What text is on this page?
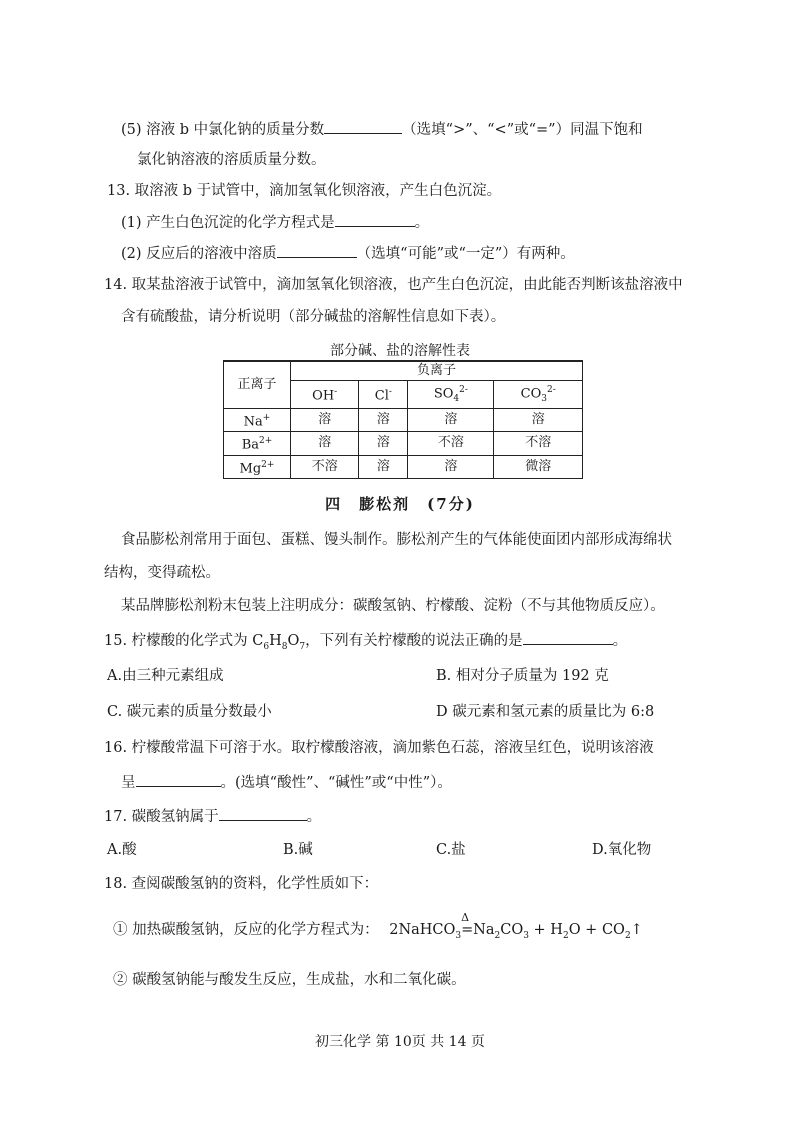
(5) 溶液 b 中氯化钠的质量分数	（选填“>”、“<”或“=”）同温下饱和
氯化钠溶液的溶质质量分数。
13. 取溶液 b 于试管中，滴加氢氧化钡溶液，产生白色沉淀。
(1) 产生白色沉淀的化学方程式是	。
(2) 反应后的溶液中溶质	（选填“可能”或“一定”）有两种。
14. 取某盐溶液于试管中，滴加氢氧化钡溶液，也产生白色沉淀，由此能否判断该盐溶液中
含有硫酸盐，请分析说明（部分碱盐的溶解性信息如下表）。
部分碱、盐的溶解性表
正离子	负离子			
	OH-	Cl-	$SO_4^{2-}$	$CO_3^{2-}$
Na+	溶	溶	溶	溶
$Ba^{2+}$	溶	溶	不溶	不溶
$Mg^{2+}$	不溶	溶	溶	微溶
四　膨松剂　(7分)
食品膨松剂常用于面包、蛋糕、馒头制作。膨松剂产生的气体能使面团内部形成海绵状
结构，变得疏松。
某品牌膨松剂粉末包装上注明成分：碳酸氢钠、柠檬酸、淀粉（不与其他物质反应）。
15. 柠檬酸的化学式为 $C_6H_8O_7$，下列有关柠檬酸的说法正确的是	。
A.由三种元素组成	B. 相对分子质量为 192 克
C. 碳元素的质量分数最小	D 碳元素和氢元素的质量比为 6:8
16. 柠檬酸常温下可溶于水。取柠檬酸溶液，滴加紫色石蕊，溶液呈红色，说明该溶液
呈	。(选填“酸性”、“碱性”或“中性”）。
17. 碳酸氢钠属于	。
A.酸	B.碱	C.盐	D.氧化物
18. 查阅碳酸氢钠的资料，化学性质如下：
① 加热碳酸氢钠，反应的化学方程式为： 2NaHCO$_3$
Δ
$=Na_2CO_3 + H_2O$ + $CO_2↑$
② 碳酸氢钠能与酸发生反应，生成盐，水和二氧化碳。
初三化学 第 10页 共 14 页
